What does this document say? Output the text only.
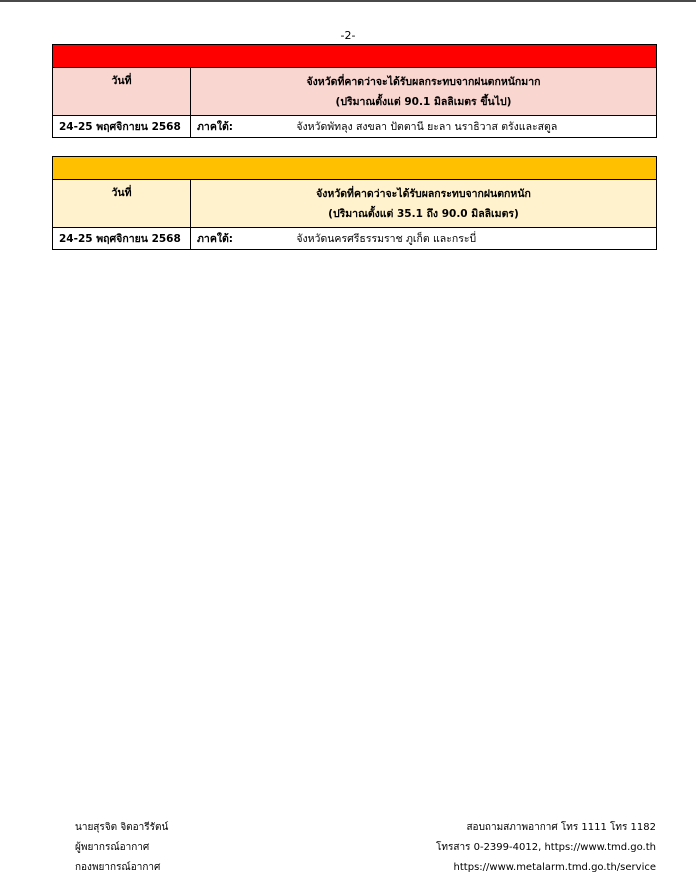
-2-

วันที่	จังหวัดที่คาดว่าจะได้รับผลกระทบจากฝนตกหนักมาก
(ปริมาณตั้งแต่ 90.1 มิลลิเมตร ขึ้นไป)

24-25 พฤศจิกายน 2568	ภาคใต้: จังหวัดพัทลุง สงขลา ปัตตานี ยะลา นราธิวาส ตรังและสตูล

วันที่	จังหวัดที่คาดว่าจะได้รับผลกระทบจากฝนตกหนัก
(ปริมาณตั้งแต่ 35.1 ถึง 90.0 มิลลิเมตร)

24-25 พฤศจิกายน 2568	ภาคใต้: จังหวัดนครศรีธรรมราช ภูเก็ต และกระบี่
นายสุรจิต จิตอารีรัตน์
ผู้พยากรณ์อากาศ
กองพยากรณ์อากาศ
สอบถามสภาพอากาศ โทร 1111 โทร 1182
โทรสาร 0-2399-4012, https://www.tmd.go.th
https://www.metalarm.tmd.go.th/service
